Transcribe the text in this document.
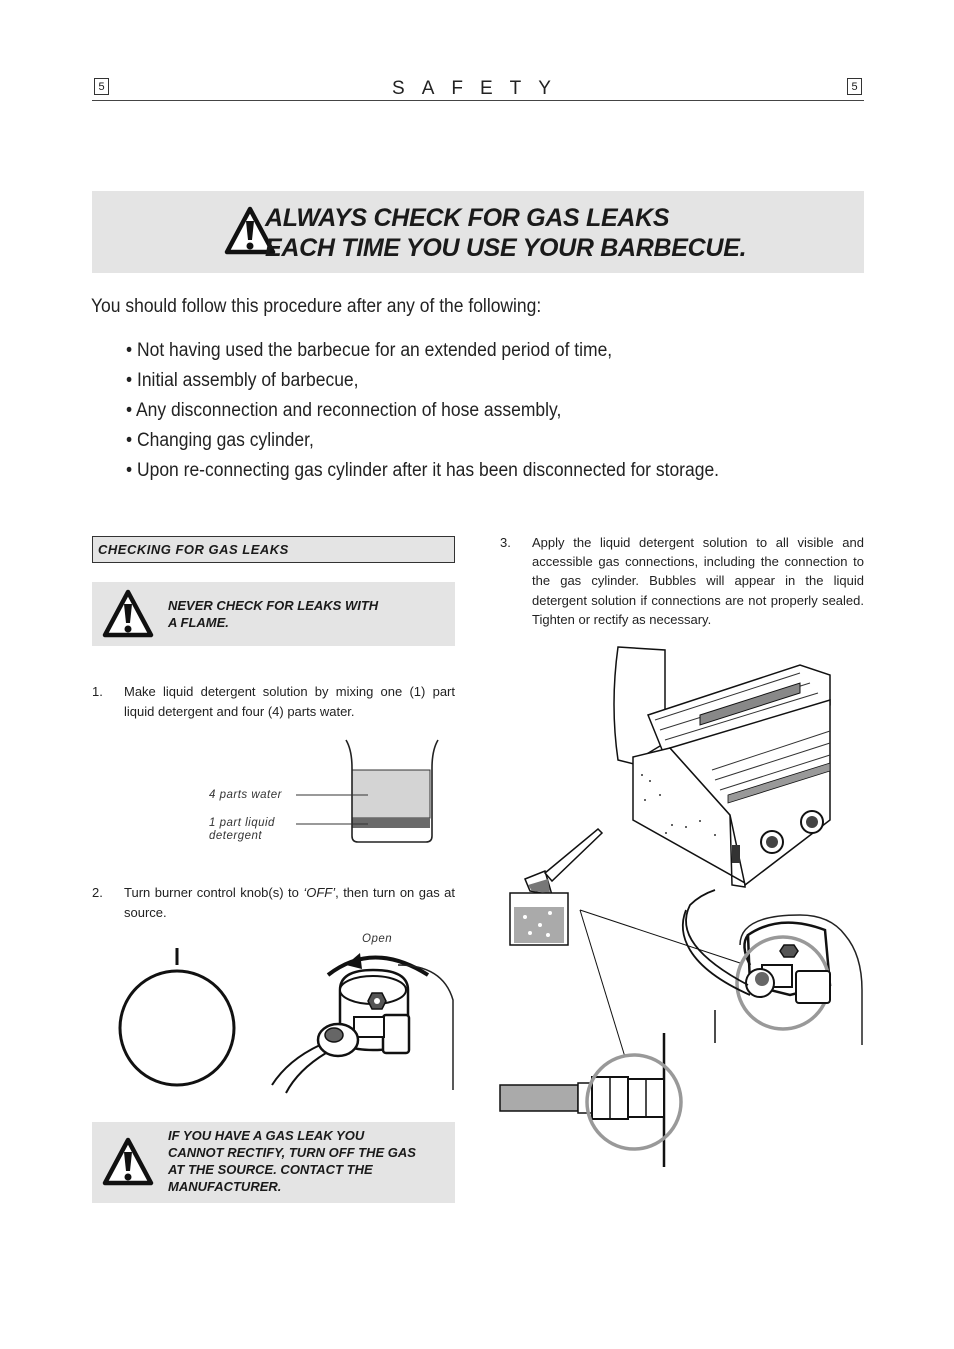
5	SAFETY	5
ALWAYS CHECK FOR GAS LEAKS
EACH TIME YOU USE YOUR BARBECUE.
You should follow this procedure after any of the following:
• Not having used the barbecue for an extended period of time,
• Initial assembly of barbecue,
• Any disconnection and reconnection of hose assembly,
• Changing gas cylinder,
• Upon re-connecting gas cylinder after it has been disconnected for storage.
CHECKING FOR GAS LEAKS
NEVER CHECK FOR LEAKS WITH
A FLAME.
1. Make liquid detergent solution by mixing one (1) part liquid detergent and four (4) parts water.
4 parts water
1 part liquid
detergent
2. Turn burner control knob(s) to ‘OFF’, then turn on gas at source.
Open
IF YOU HAVE A GAS LEAK YOU
CANNOT RECTIFY, TURN OFF THE GAS
AT THE SOURCE. CONTACT THE
MANUFACTURER.
3. Apply the liquid detergent solution to all visible and accessible gas connections, including the connection to the gas cylinder. Bubbles will appear in the liquid detergent solution if connections are not properly sealed. Tighten or rectify as necessary.
